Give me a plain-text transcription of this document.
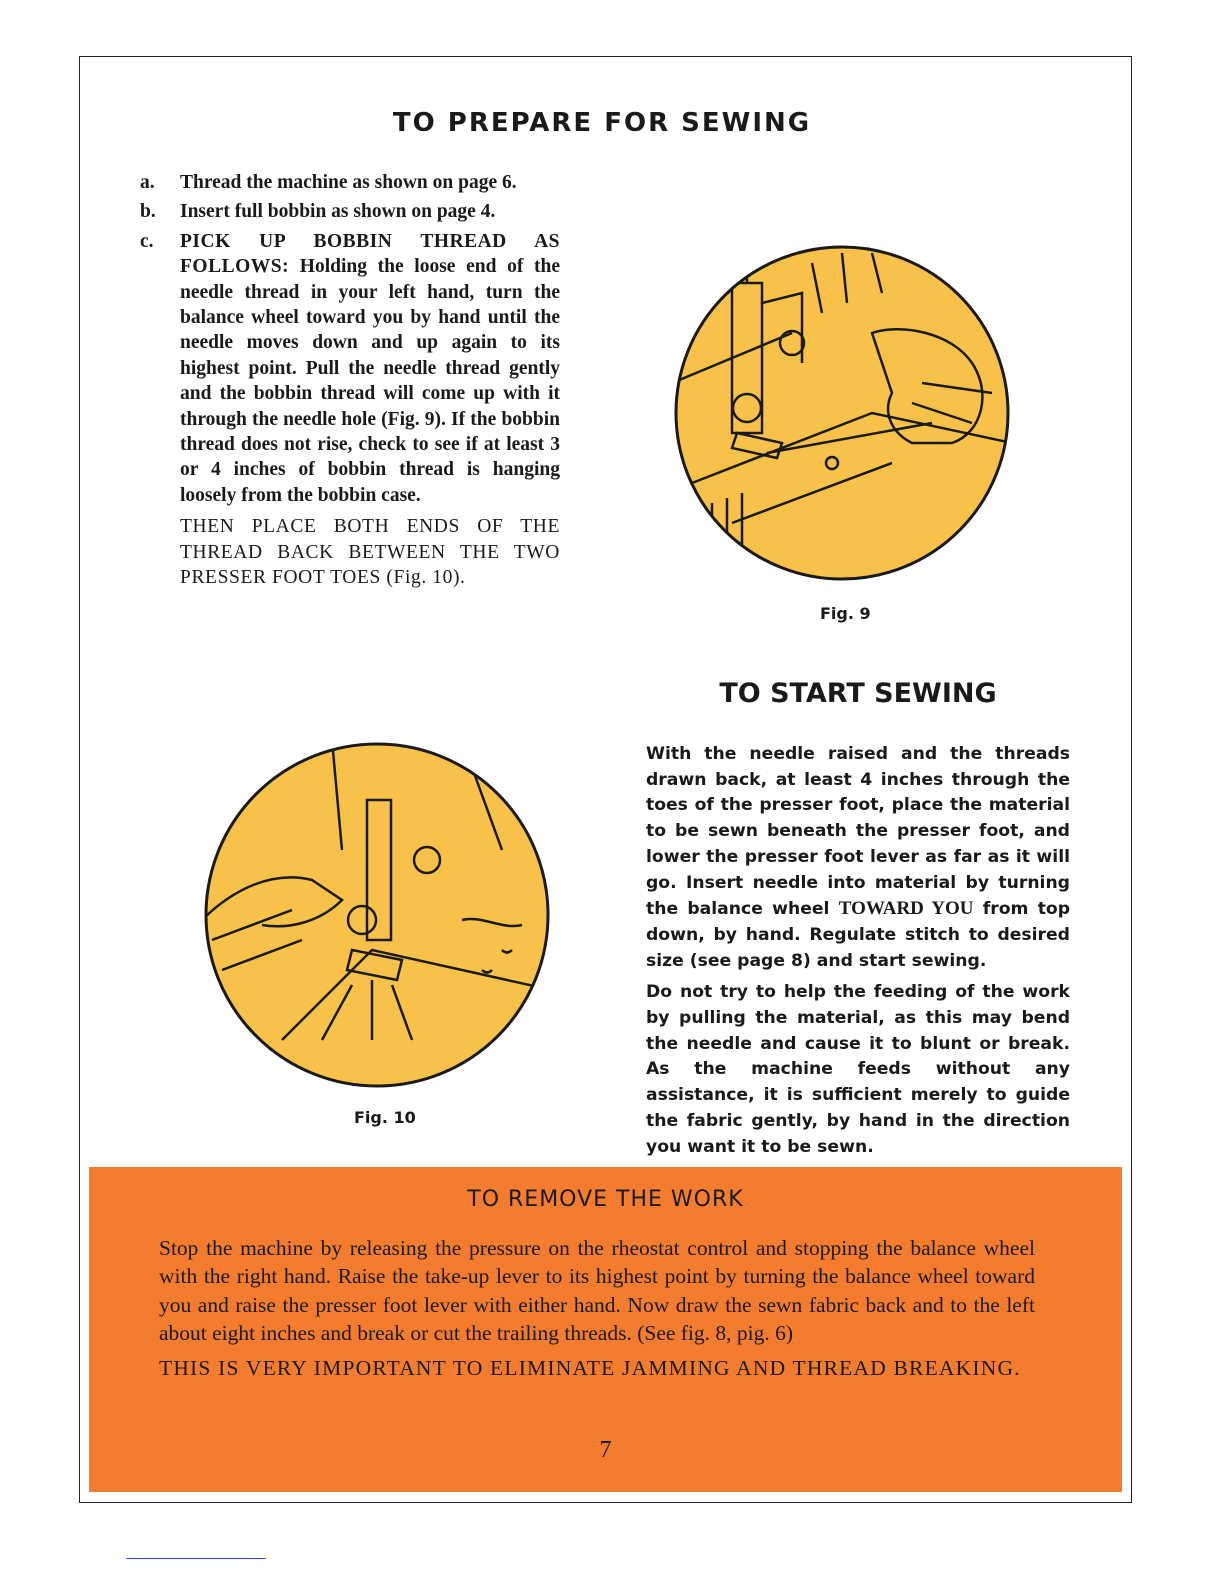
TO PREPARE FOR SEWING
a. Thread the machine as shown on page 6.
b. Insert full bobbin as shown on page 4.
c. PICK UP BOBBIN THREAD AS FOLLOWS: Holding the loose end of the needle thread in your left hand, turn the balance wheel toward you by hand until the needle moves down and up again to its highest point. Pull the needle thread gently and the bobbin thread will come up with it through the needle hole (Fig. 9). If the bobbin thread does not rise, check to see if at least 3 or 4 inches of bobbin thread is hanging loosely from the bobbin case.
THEN PLACE BOTH ENDS OF THE THREAD BACK BETWEEN THE TWO PRESSER FOOT TOES (Fig. 10).
Fig. 9
TO START SEWING

With the needle raised and the threads drawn back, at least 4 inches through the toes of the presser foot, place the material to be sewn beneath the presser foot, and lower the presser foot lever as far as it will go. Insert needle into material by turning the balance wheel TOWARD YOU from top down, by hand. Regulate stitch to desired size (see page 8) and start sewing.

Do not try to help the feeding of the work by pulling the material, as this may bend the needle and cause it to blunt or break. As the machine feeds without any assistance, it is sufficient merely to guide the fabric gently, by hand in the direction you want it to be sewn.

Fig. 10
TO REMOVE THE WORK

Stop the machine by releasing the pressure on the rheostat control and stopping the balance wheel with the right hand. Raise the take-up lever to its highest point by turning the balance wheel toward you and raise the presser foot lever with either hand. Now draw the sewn fabric back and to the left about eight inches and break or cut the trailing threads. (See fig. 8, pig. 6)

THIS IS VERY IMPORTANT TO ELIMINATE JAMMING AND THREAD BREAKING.

7
